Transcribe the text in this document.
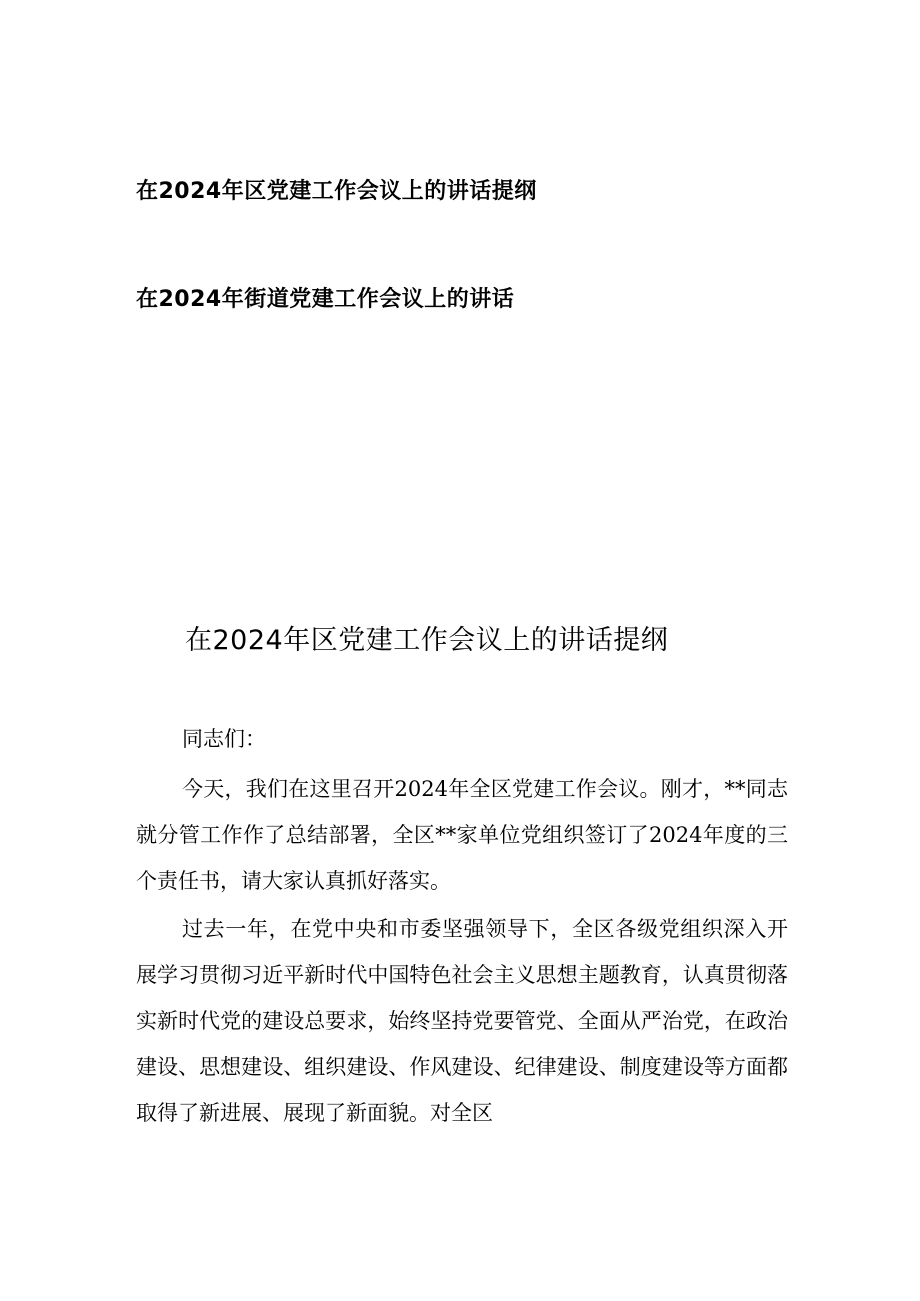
在2024年区党建工作会议上的讲话提纲
在2024年街道党建工作会议上的讲话
在2024年区党建工作会议上的讲话提纲

同志们：

今天，我们在这里召开2024年全区党建工作会议。刚才，**同志就分管工作作了总结部署，全区**家单位党组织签订了2024年度的三个责任书，请大家认真抓好落实。

过去一年，在党中央和市委坚强领导下，全区各级党组织深入开展学习贯彻习近平新时代中国特色社会主义思想主题教育，认真贯彻落实新时代党的建设总要求，始终坚持党要管党、全面从严治党，在政治建设、思想建设、组织建设、作风建设、纪律建设、制度建设等方面都取得了新进展、展现了新面貌。对全区
